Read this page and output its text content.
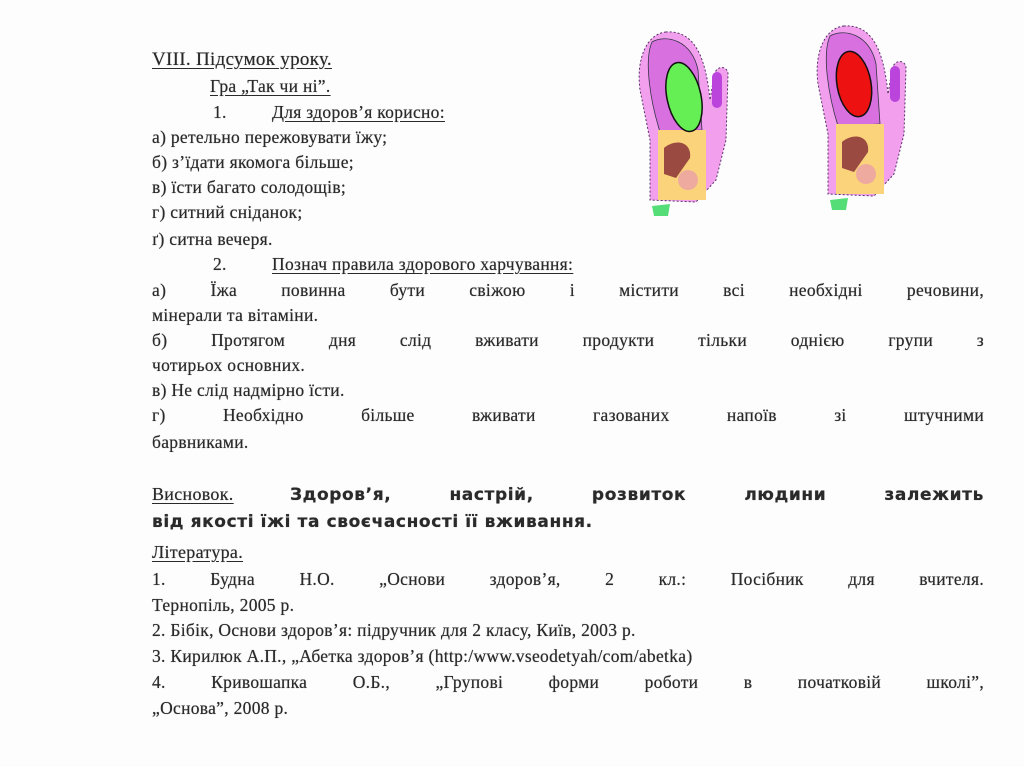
VIII. Підсумок уроку.
Гра „Так чи ні”.
1.	Для здоров’я корисно:
а) ретельно пережовувати їжу;
б) з’їдати якомога більше;
в) їсти багато солодощів;
г) ситний сніданок;
ґ) ситна вечеря.
2.	Познач правила здорового харчування:
а) Їжа повинна бути свіжою і містити всі необхідні речовини,
мінерали та вітаміни.
б) Протягом дня слід вживати продукти тільки однією групи з
чотирьох основних.
в) Не слід надмірно їсти.
г) Необхідно більше вживати газованих напоїв зі штучними
барвниками.
Висновок.	Здоров’я, настрій, розвиток людини залежить
від якості їжі та своєчасності її вживання.
Література.
1. Будна Н.О. „Основи здоров’я, 2 кл.: Посібник для вчителя.
Тернопіль, 2005 р.
2. Бібік, Основи здоров’я: підручник для 2 класу, Київ, 2003 р.
3. Кирилюк А.П., „Абетка здоров’я (http:/www.vseodetyah/com/abetka)
4. Кривошапка О.Б., „Групові форми роботи в початковій школі”,
„Основа”, 2008 р.
